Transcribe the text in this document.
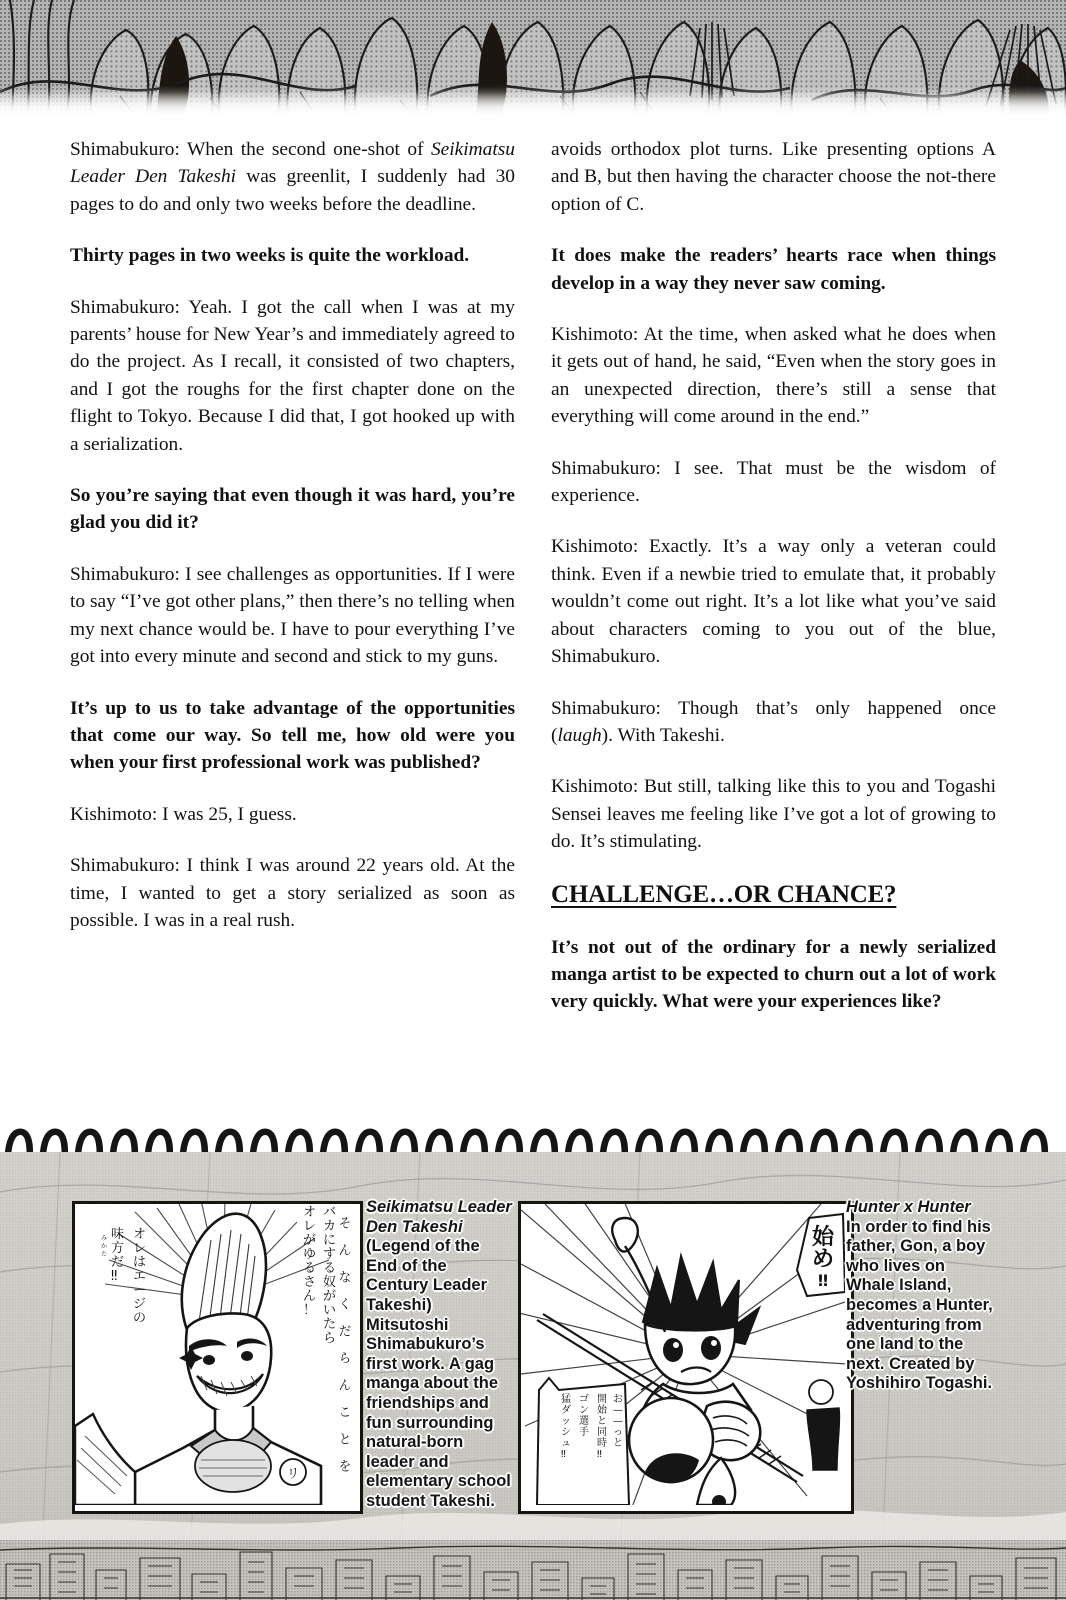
Shimabukuro: When the second one-shot of Seikimatsu Leader Den Takeshi was greenlit, I suddenly had 30 pages to do and only two weeks before the deadline.

Thirty pages in two weeks is quite the workload.

Shimabukuro: Yeah. I got the call when I was at my parents’ house for New Year’s and immediately agreed to do the project. As I recall, it consisted of two chapters, and I got the roughs for the first chapter done on the flight to Tokyo. Because I did that, I got hooked up with a serialization.

So you’re saying that even though it was hard, you’re glad you did it?

Shimabukuro: I see challenges as opportunities. If I were to say “I’ve got other plans,” then there’s no telling when my next chance would be. I have to pour everything I’ve got into every minute and second and stick to my guns.

It’s up to us to take advantage of the opportunities that come our way. So tell me, how old were you when your first professional work was published?

Kishimoto: I was 25, I guess.

Shimabukuro: I think I was around 22 years old. At the time, I wanted to get a story serialized as soon as possible. I was in a real rush.

avoids orthodox plot turns. Like presenting options A and B, but then having the character choose the not-there option of C.

It does make the readers’ hearts race when things develop in a way they never saw coming.

Kishimoto: At the time, when asked what he does when it gets out of hand, he said, “Even when the story goes in an unexpected direction, there’s still a sense that everything will come around in the end.”

Shimabukuro: I see. That must be the wisdom of experience.

Kishimoto: Exactly. It’s a way only a veteran could think. Even if a newbie tried to emulate that, it probably wouldn’t come out right. It’s a lot like what you’ve said about characters coming to you out of the blue, Shimabukuro.

Shimabukuro: Though that’s only happened once (laugh). With Takeshi.

Kishimoto: But still, talking like this to you and Togashi Sensei leaves me feeling like I’ve got a lot of growing to do. It’s stimulating.

CHALLENGE…OR CHANCE?

It’s not out of the ordinary for a newly serialized manga artist to be expected to churn out a lot of work very quickly. What were your experiences like?

リ
そんなくだらんことを
バカにする奴がいたら
オレがゆるさん！
オレはエージの
味方だ‼
みかた
Seikimatsu Leader Den Takeshi
(Legend of the End of the Century Leader Takeshi) Mitsutoshi Shimabukuro’s first work. A gag manga about the friendships and fun surrounding natural-born leader and elementary school student Takeshi.
始
め
‼
お— —っと
開始と同時‼
ゴン選手
猛ダッシュ‼
Hunter x Hunter
In order to find his father, Gon, a boy who lives on Whale Island, becomes a Hunter, adventuring from one land to the next. Created by Yoshihiro Togashi.
